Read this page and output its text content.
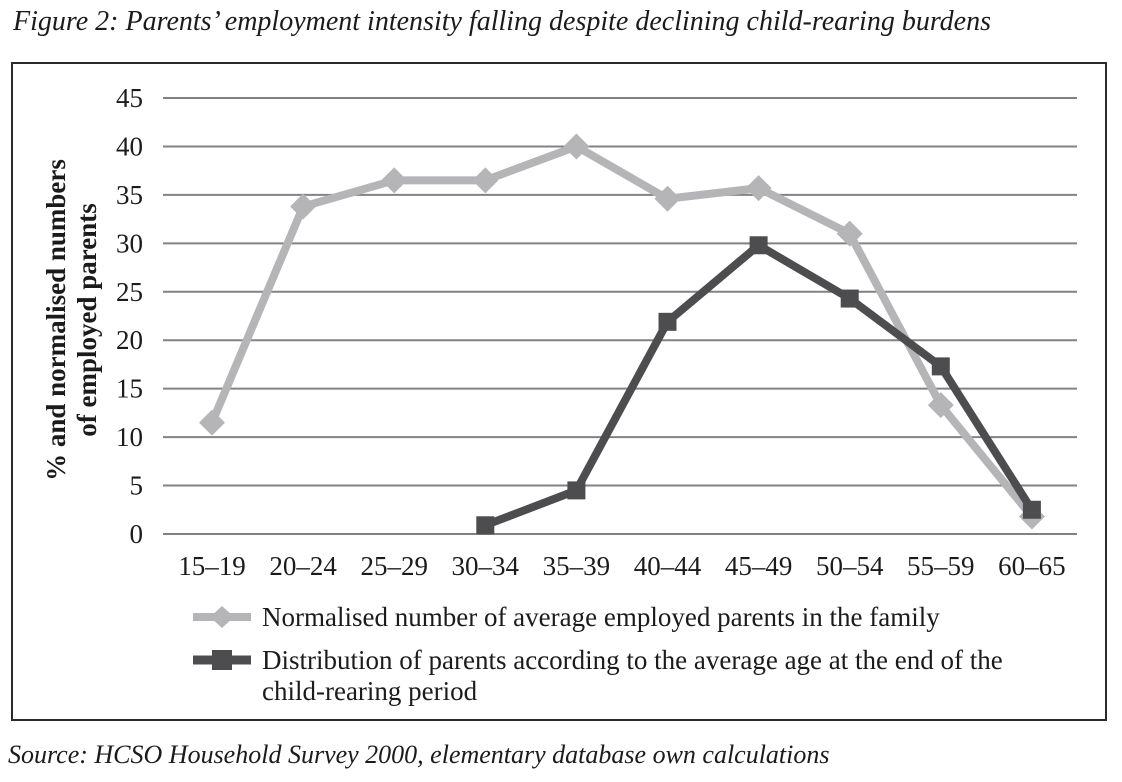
Figure 2: Parents’ employment intensity falling despite declining child-rearing burdens
0
5
10
15
20
25
30
35
40
45
15–19 20–24 25–29 30–34 35–39 40–44 45–49 50–54 55–59 60–65
% and normalised numbers of employed parents
Normalised number of average employed parents in the family
Distribution of parents according to the average age at the end of the child-rearing period
Source: HCSO Household Survey 2000, elementary database own calculations
